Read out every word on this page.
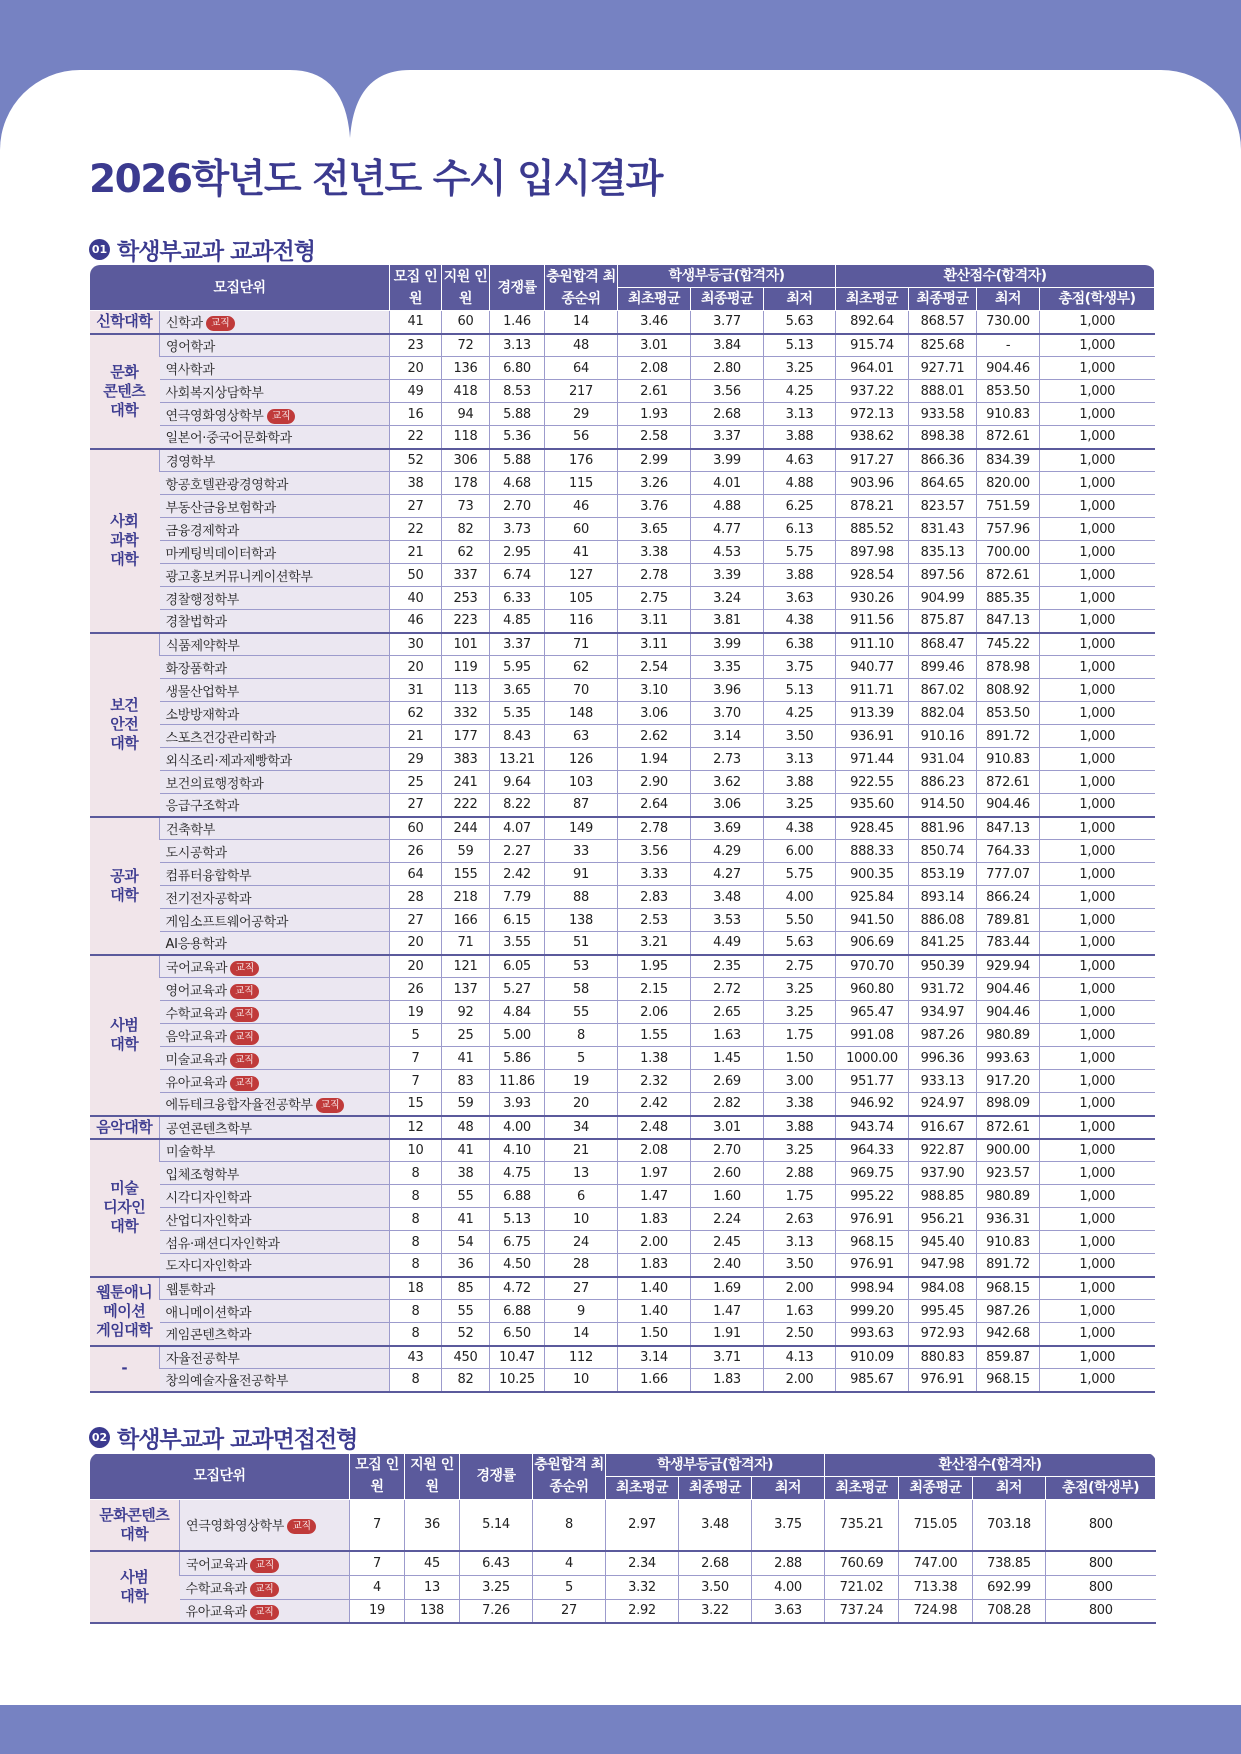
2026학년도 전년도 수시 입시결과
01 학생부교과 교과전형
모집단위		모집 인원	지원 인원	경쟁률	충원합격 최종순위	학생부등급(합격자)			환산점수(합격자)			
						최초평균	최종평균	최저	최초평균	최종평균	최저	총점(학생부)
신학대학	신학과 교직	41	60	1.46	14	3.46	3.77	5.63	892.64	868.57	730.00	1,000
문화
콘텐츠
대학	영어학과	23	72	3.13	48	3.01	3.84	5.13	915.74	825.68	-	1,000
	역사학과	20	136	6.80	64	2.08	2.80	3.25	964.01	927.71	904.46	1,000
	사회복지상담학부	49	418	8.53	217	2.61	3.56	4.25	937.22	888.01	853.50	1,000
	연극영화영상학부 교직	16	94	5.88	29	1.93	2.68	3.13	972.13	933.58	910.83	1,000
	일본어·중국어문화학과	22	118	5.36	56	2.58	3.37	3.88	938.62	898.38	872.61	1,000
사회
과학
대학	경영학부	52	306	5.88	176	2.99	3.99	4.63	917.27	866.36	834.39	1,000
	항공호텔관광경영학과	38	178	4.68	115	3.26	4.01	4.88	903.96	864.65	820.00	1,000
	부동산금융보험학과	27	73	2.70	46	3.76	4.88	6.25	878.21	823.57	751.59	1,000
	금융경제학과	22	82	3.73	60	3.65	4.77	6.13	885.52	831.43	757.96	1,000
	마케팅빅데이터학과	21	62	2.95	41	3.38	4.53	5.75	897.98	835.13	700.00	1,000
	광고홍보커뮤니케이션학부	50	337	6.74	127	2.78	3.39	3.88	928.54	897.56	872.61	1,000
	경찰행정학부	40	253	6.33	105	2.75	3.24	3.63	930.26	904.99	885.35	1,000
	경찰법학과	46	223	4.85	116	3.11	3.81	4.38	911.56	875.87	847.13	1,000
보건
안전
대학	식품제약학부	30	101	3.37	71	3.11	3.99	6.38	911.10	868.47	745.22	1,000
	화장품학과	20	119	5.95	62	2.54	3.35	3.75	940.77	899.46	878.98	1,000
	생물산업학부	31	113	3.65	70	3.10	3.96	5.13	911.71	867.02	808.92	1,000
	소방방재학과	62	332	5.35	148	3.06	3.70	4.25	913.39	882.04	853.50	1,000
	스포츠건강관리학과	21	177	8.43	63	2.62	3.14	3.50	936.91	910.16	891.72	1,000
	외식조리·제과제빵학과	29	383	13.21	126	1.94	2.73	3.13	971.44	931.04	910.83	1,000
	보건의료행정학과	25	241	9.64	103	2.90	3.62	3.88	922.55	886.23	872.61	1,000
	응급구조학과	27	222	8.22	87	2.64	3.06	3.25	935.60	914.50	904.46	1,000
공과
대학	건축학부	60	244	4.07	149	2.78	3.69	4.38	928.45	881.96	847.13	1,000
	도시공학과	26	59	2.27	33	3.56	4.29	6.00	888.33	850.74	764.33	1,000
	컴퓨터융합학부	64	155	2.42	91	3.33	4.27	5.75	900.35	853.19	777.07	1,000
	전기전자공학과	28	218	7.79	88	2.83	3.48	4.00	925.84	893.14	866.24	1,000
	게임소프트웨어공학과	27	166	6.15	138	2.53	3.53	5.50	941.50	886.08	789.81	1,000
	AI응용학과	20	71	3.55	51	3.21	4.49	5.63	906.69	841.25	783.44	1,000
사범
대학	국어교육과 교직	20	121	6.05	53	1.95	2.35	2.75	970.70	950.39	929.94	1,000
	영어교육과 교직	26	137	5.27	58	2.15	2.72	3.25	960.80	931.72	904.46	1,000
	수학교육과 교직	19	92	4.84	55	2.06	2.65	3.25	965.47	934.97	904.46	1,000
	음악교육과 교직	5	25	5.00	8	1.55	1.63	1.75	991.08	987.26	980.89	1,000
	미술교육과 교직	7	41	5.86	5	1.38	1.45	1.50	1000.00	996.36	993.63	1,000
	유아교육과 교직	7	83	11.86	19	2.32	2.69	3.00	951.77	933.13	917.20	1,000
	에듀테크융합자율전공학부 교직	15	59	3.93	20	2.42	2.82	3.38	946.92	924.97	898.09	1,000
음악대학	공연콘텐츠학부	12	48	4.00	34	2.48	3.01	3.88	943.74	916.67	872.61	1,000
미술
디자인
대학	미술학부	10	41	4.10	21	2.08	2.70	3.25	964.33	922.87	900.00	1,000
	입체조형학부	8	38	4.75	13	1.97	2.60	2.88	969.75	937.90	923.57	1,000
	시각디자인학과	8	55	6.88	6	1.47	1.60	1.75	995.22	988.85	980.89	1,000
	산업디자인학과	8	41	5.13	10	1.83	2.24	2.63	976.91	956.21	936.31	1,000
	섬유·패션디자인학과	8	54	6.75	24	2.00	2.45	3.13	968.15	945.40	910.83	1,000
	도자디자인학과	8	36	4.50	28	1.83	2.40	3.50	976.91	947.98	891.72	1,000
웹툰애니
메이션
게임대학	웹툰학과	18	85	4.72	27	1.40	1.69	2.00	998.94	984.08	968.15	1,000
	애니메이션학과	8	55	6.88	9	1.40	1.47	1.63	999.20	995.45	987.26	1,000
	게임콘텐츠학과	8	52	6.50	14	1.50	1.91	2.50	993.63	972.93	942.68	1,000
-	자율전공학부	43	450	10.47	112	3.14	3.71	4.13	910.09	880.83	859.87	1,000
	창의예술자율전공학부	8	82	10.25	10	1.66	1.83	2.00	985.67	976.91	968.15	1,000
02 학생부교과 교과면접전형
모집단위		모집 인원	지원 인원	경쟁률	충원합격 최종순위	학생부등급(합격자)			환산점수(합격자)			
						최초평균	최종평균	최저	최초평균	최종평균	최저	총점(학생부)
문화콘텐츠
대학	연극영화영상학부 교직	7	36	5.14	8	2.97	3.48	3.75	735.21	715.05	703.18	800
사범
대학	국어교육과 교직	7	45	6.43	4	2.34	2.68	2.88	760.69	747.00	738.85	800
	수학교육과 교직	4	13	3.25	5	3.32	3.50	4.00	721.02	713.38	692.99	800
	유아교육과 교직	19	138	7.26	27	2.92	3.22	3.63	737.24	724.98	708.28	800
